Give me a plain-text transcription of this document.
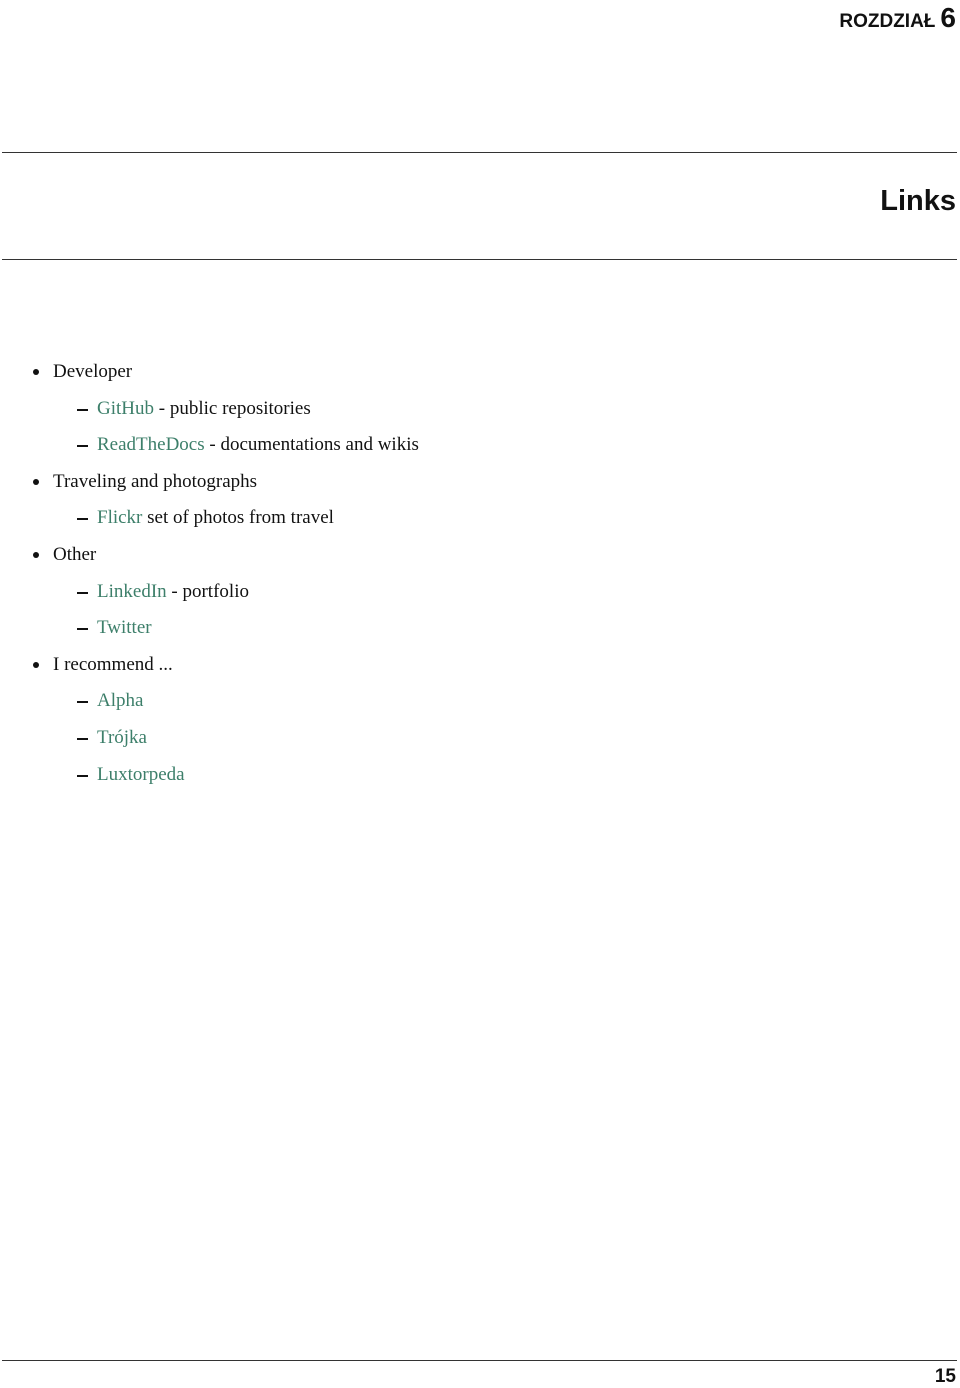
ROZDZIAŁ 6
Links
Developer
GitHub - public repositories
ReadTheDocs - documentations and wikis
Traveling and photographs
Flickr set of photos from travel
Other
LinkedIn - portfolio
Twitter
I recommend ...
Alpha
Trójka
Luxtorpeda
15
